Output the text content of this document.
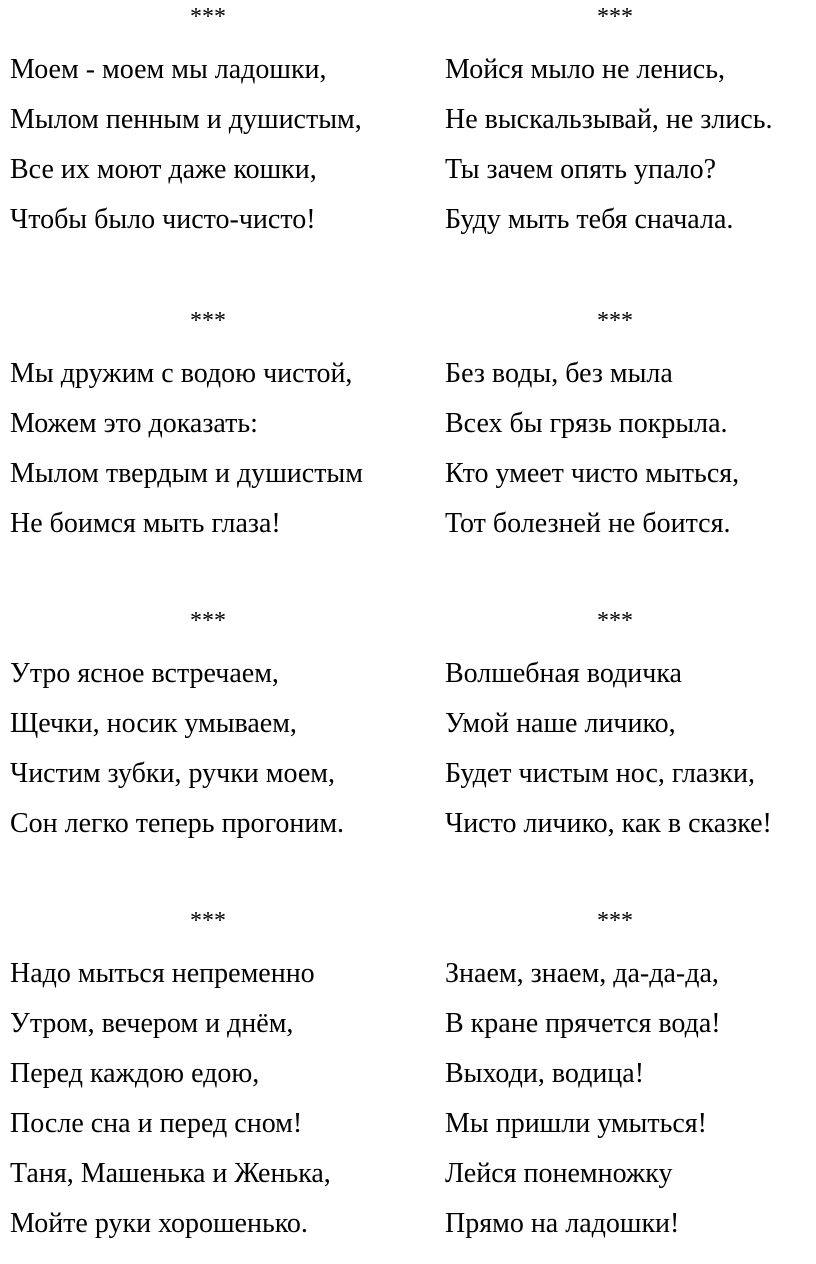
***
Моем - моем мы ладошки,
Мылом пенным и душистым,
Все их моют даже кошки,
Чтобы было чисто-чисто!
***
Мы дружим с водою чистой,
Можем это доказать:
Мылом твердым и душистым
Не боимся мыть глаза!
***
Утро ясное встречаем,
Щечки, носик умываем,
Чистим зубки, ручки моем,
Сон легко теперь прогоним.
***
Надо мыться непременно
Утром, вечером и днём,
Перед каждою едою,
После сна и перед сном!
Таня, Машенька и Женька,
Мойте руки хорошенько.
***
Мойся мыло не ленись,
Не выскальзывай, не злись.
Ты зачем опять упало?
Буду мыть тебя сначала.
***
Без воды, без мыла
Всех бы грязь покрыла.
Кто умеет чисто мыться,
Тот болезней не боится.
***
Волшебная водичка
Умой наше личико,
Будет чистым нос, глазки,
Чисто личико, как в сказке!
***
Знаем, знаем, да-да-да,
В кране прячется вода!
Выходи, водица!
Мы пришли умыться!
Лейся понемножку
Прямо на ладошки!
